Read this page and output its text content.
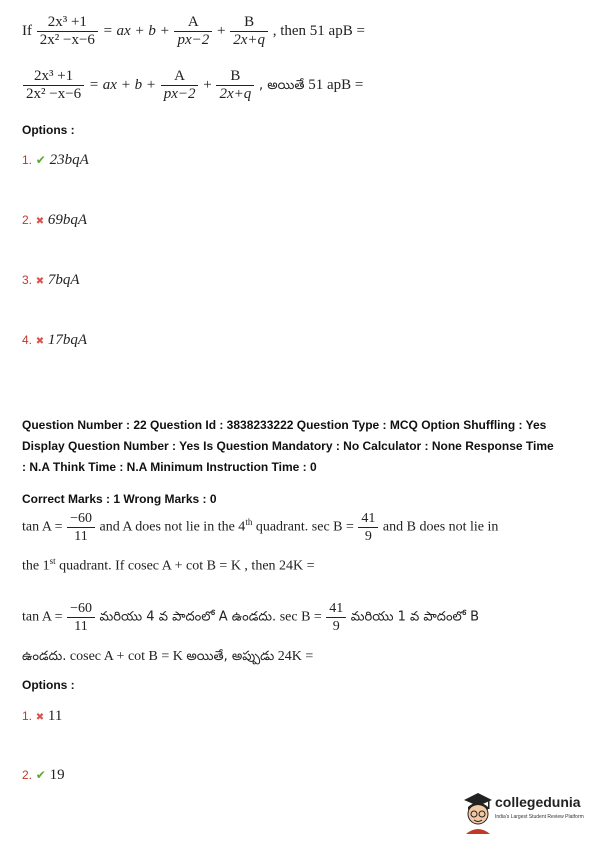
If $\frac{\text{2x³ +1}}{\text{2x² −x−6}}$ = ax + $b + \frac{A}{px-2} + \frac{B}{2x+q}$ , then 51 apB =
$\frac{\text{2x³ +1}}{\text{2x² −x−6}}$ = ax + $b + \frac{A}{px-2} + \frac{B}{2x+q}$ , అయితే 51 apB =
Options :
1. ✔ 23bqA
2. ✖ 69bqA
3. ✖ 7bqA
4. ✖ 17bqA
Question Number : 22 Question Id : 3838233222 Question Type : MCQ Option Shuffling : Yes
Display Question Number : Yes Is Question Mandatory : No Calculator : None Response Time
: N.A Think Time : N.A Minimum Instruction Time : 0
Correct Marks : 1 Wrong Marks : 0
$\tan A = \frac{-60}{11}$ and A does not lie in the 4th quadrant. $\sec B = \frac{41}{9}$ and B does not lie in
the 1st quadrant. If cosec A + cot B = K , then 24K =
$\tan A = \frac{-60}{11}$ మరియు 4 వ పాదంలో A ఉండదు. $\sec B = \frac{41}{9}$ మరియు 1 వ పాదంలో B
ఉండదు. cosec A + cot B = K అయితే, అప్పుడు 24K =
Options :
1. ✖ 11
2. ✔ 19
collegedunia
India's Largest Student Review Platform
